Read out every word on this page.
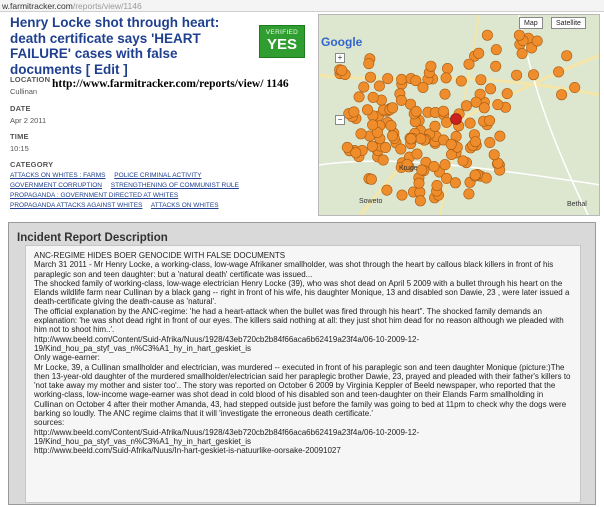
w.farmitracker.com/reports/view/1146
Henry Locke shot through heart: death certificate says 'HEART FAILURE' cases with false documents [ Edit ]
VERIFIED
YES
LOCATION
Cullinan
DATE
Apr 2 2011
TIME
10:15
CATEGORY
http://www.farmitracker.com/reports/view/ 1146
ATTACKS ON WHITES : FARMS POLICE CRIMINAL ACTIVITY GOVERNMENT CORRUPTION STRENGTHENING OF COMMUNIST RULE PROPAGANDA : GOVERNMENT DIRECTED AT WHITES PROPAGANDA ATTACKS AGAINST WHITES ATTACKS ON WHITES
Map	Satellite
Google
+
−
Kruge
Soweto	Bethal
Incident Report Description

ANC-REGIME HIDES BOER GENOCIDE WITH FALSE DOCUMENTS

March 31 2011 - Mr Henry Locke, a working-class, low-wage Afrikaner smallholder, was shot through the heart by callous black killers in front of his paraplegic son and teen daughter: but a 'natural death' certificate was issued...

The shocked family of working-class, low-wage electrician Henry Locke (39), who was shot dead on April 5 2009 with a bullet through his heart on the Elands wildlife farm near Cullinan by a black gang -- right in front of his wife, his daughter Monique, 13 and disabled son Dawie, 23 , were later issued a death-certificate giving the death-cause as 'natural'.

The official explanation by the ANC-regime: 'he had a heart-attack when the bullet was fired through his heart". The shocked family demands an explanation: 'he was shot dead right in front of our eyes. The killers said nothing at all: they just shot him dead for no reason although we pleaded with him not to shoot him..'.

http://www.beeld.com/Content/Suid-Afrika/Nuus/1928/43eb720cb2b84f66aca6b62419a23f4a/06-10-2009-12-19/Kind_hou_pa_styf_vas_n%C3%A1_hy_in_hart_geskiet_is

Only wage-earner:

Mr Locke, 39, a Cullinan smallholder and electrician, was murdered -- executed in front of his paraplegic son and teen daughter Monique (picture:)The then 13-year-old daughter of the murdered smallholder/electrician said her paraplegic brother Dawie, 23, prayed and pleaded with their father's killers to 'not take away my mother and sister too'.. The story was reported on October 6 2009 by Virginia Keppler of Beeld newspaper, who reported that the working-class, low-income wage-earner was shot dead in cold blood of his disabled son and teen-daughter on their Elands Farm smallholding in Cullinan on October 4 after their mother Amanda, 43, had stepped outside just before the family was going to bed at 11pm to check why the dogs were barking so loudly. The ANC regime claims that it will 'investigate the erroneous death certificate.'

sources:

http://www.beeld.com/Content/Suid-Afrika/Nuus/1928/43eb720cb2b84f66aca6b62419a23f4a/06-10-2009-12-19/Kind_hou_pa_styf_vas_n%C3%A1_hy_in_hart_geskiet_is

http://www.beeld.com/Suid-Afrika/Nuus/In-hart-geskiet-is-natuurlike-oorsake-20091027
